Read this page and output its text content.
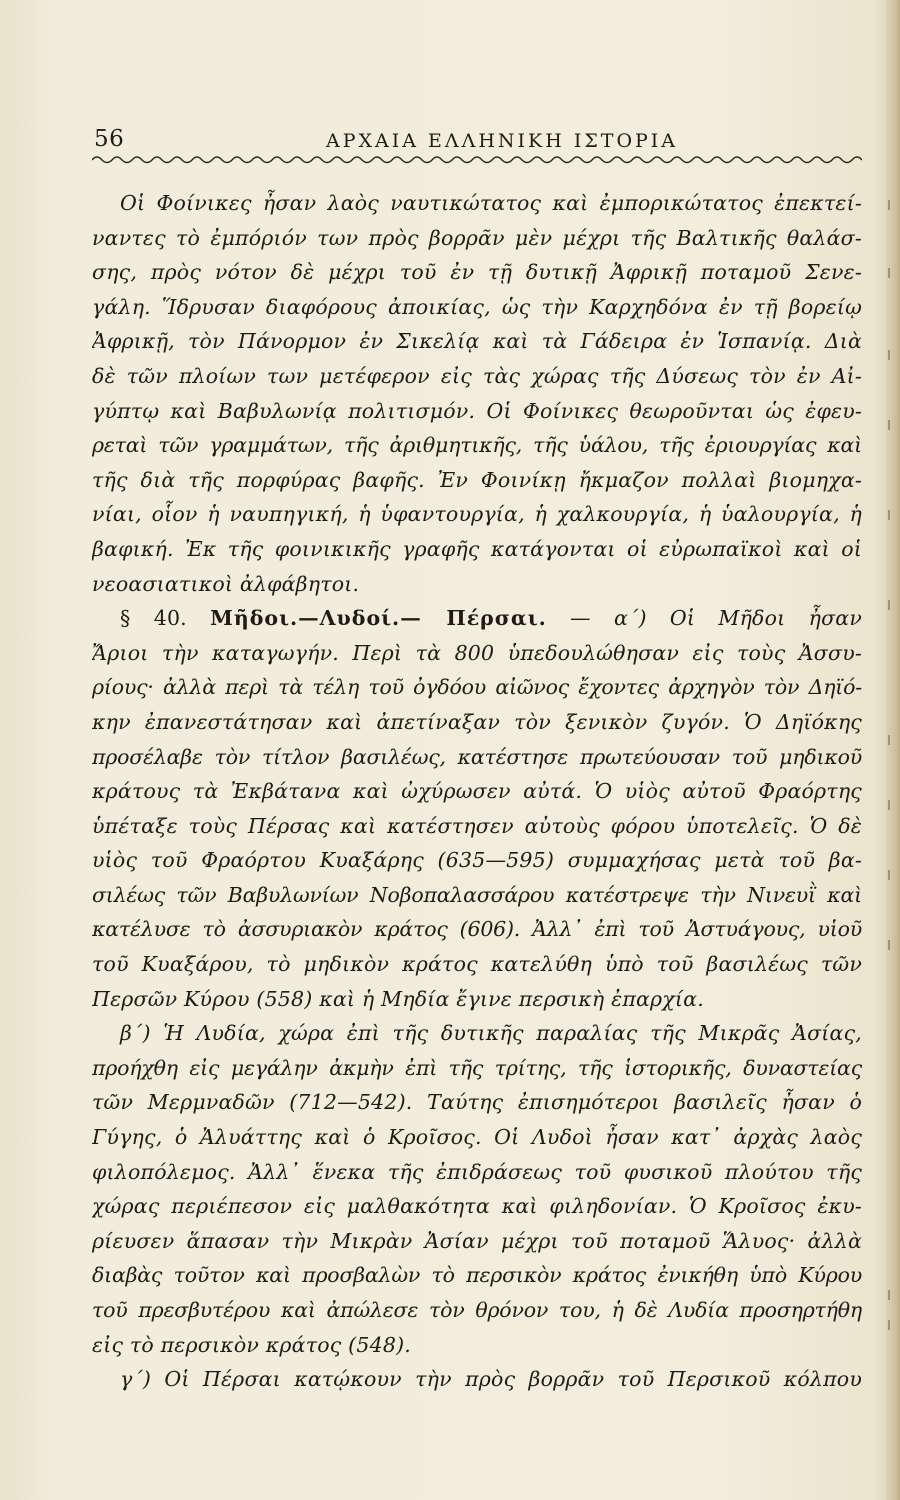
56	ΑΡΧΑΙΑ ΕΛΛΗΝΙΚΗ ΙΣΤΟΡΙΑ
Οἱ Φοίνικες ἦσαν λαὸς ναυτικώτατος καὶ ἐμπορικώτατος ἐπεκτεί-
ναντες τὸ ἐμπόριόν των πρὸς βορρᾶν μὲν μέχρι τῆς Βαλτικῆς θαλάσ-
σης, πρὸς νότον δὲ μέχρι τοῦ ἐν τῇ δυτικῇ Ἀφρικῇ ποταμοῦ Σενε-
γάλη. Ἵδρυσαν διαφόρους ἀποικίας, ὡς τὴν Καρχηδόνα ἐν τῇ βορείῳ
Ἀφρικῇ, τὸν Πάνορμον ἐν Σικελίᾳ καὶ τὰ Γάδειρα ἐν Ἱσπανίᾳ. Διὰ
δὲ τῶν πλοίων των μετέφερον εἰς τὰς χώρας τῆς Δύσεως τὸν ἐν Αἰ-
γύπτῳ καὶ Βαβυλωνίᾳ πολιτισμόν. Οἱ Φοίνικες θεωροῦνται ὡς ἐφευ-
ρεταὶ τῶν γραμμάτων, τῆς ἀριθμητικῆς, τῆς ὑάλου, τῆς ἐριουργίας καὶ
τῆς διὰ τῆς πορφύρας βαφῆς. Ἐν Φοινίκῃ ἤκμαζον πολλαὶ βιομηχα-
νίαι, οἷον ἡ ναυπηγική, ἡ ὑφαντουργία, ἡ χαλκουργία, ἡ ὑαλουργία, ἡ
βαφική. Ἐκ τῆς φοινικικῆς γραφῆς κατάγονται οἱ εὐρωπαϊκοὶ καὶ οἱ
νεοασιατικοὶ ἀλφάβητοι.
§ 40. Μῆδοι.—Λυδοί.— Πέρσαι. — α΄) Οἱ Μῆδοι ἦσαν
Ἄριοι τὴν καταγωγήν. Περὶ τὰ 800 ὑπεδουλώθησαν εἰς τοὺς Ἀσσυ-
ρίους· ἀλλὰ περὶ τὰ τέλη τοῦ ὀγδόου αἰῶνος ἔχοντες ἀρχηγὸν τὸν Δηϊό-
κην ἐπανεστάτησαν καὶ ἀπετίναξαν τὸν ξενικὸν ζυγόν. Ὁ Δηϊόκης
προσέλαβε τὸν τίτλον βασιλέως, κατέστησε πρωτεύουσαν τοῦ μηδικοῦ
κράτους τὰ Ἐκβάτανα καὶ ὠχύρωσεν αὐτά. Ὁ υἱὸς αὐτοῦ Φραόρτης
ὑπέταξε τοὺς Πέρσας καὶ κατέστησεν αὐτοὺς φόρου ὑποτελεῖς. Ὁ δὲ
υἱὸς τοῦ Φραόρτου Κυαξάρης (635—595) συμμαχήσας μετὰ τοῦ βα-
σιλέως τῶν Βαβυλωνίων Νοβοπαλασσάρου κατέστρεψε τὴν Νινευῒ καὶ
κατέλυσε τὸ ἀσσυριακὸν κράτος (606). Ἀλλ᾿ ἐπὶ τοῦ Ἀστυάγους, υἱοῦ
τοῦ Κυαξάρου, τὸ μηδικὸν κράτος κατελύθη ὑπὸ τοῦ βασιλέως τῶν
Περσῶν Κύρου (558) καὶ ἡ Μηδία ἔγινε περσικὴ ἐπαρχία.
β΄) Ἡ Λυδία, χώρα ἐπὶ τῆς δυτικῆς παραλίας τῆς Μικρᾶς Ἀσίας,
προήχθη εἰς μεγάλην ἀκμὴν ἐπὶ τῆς τρίτης, τῆς ἱστορικῆς, δυναστείας
τῶν Μερμναδῶν (712—542). Ταύτης ἐπισημότεροι βασιλεῖς ἦσαν ὁ
Γύγης, ὁ Ἀλυάττης καὶ ὁ Κροῖσος. Οἱ Λυδοὶ ἦσαν κατ᾿ ἀρχὰς λαὸς
φιλοπόλεμος. Ἀλλ᾿ ἕνεκα τῆς ἐπιδράσεως τοῦ φυσικοῦ πλούτου τῆς
χώρας περιέπεσον εἰς μαλθακότητα καὶ φιληδονίαν. Ὁ Κροῖσος ἐκυ-
ρίευσεν ἅπασαν τὴν Μικρὰν Ἀσίαν μέχρι τοῦ ποταμοῦ Ἅλυος· ἀλλὰ
διαβὰς τοῦτον καὶ προσβαλὼν τὸ περσικὸν κράτος ἐνικήθη ὑπὸ Κύρου
τοῦ πρεσβυτέρου καὶ ἀπώλεσε τὸν θρόνον του, ἡ δὲ Λυδία προσηρτήθη
εἰς τὸ περσικὸν κράτος (548).
γ΄) Οἱ Πέρσαι κατῴκουν τὴν πρὸς βορρᾶν τοῦ Περσικοῦ κόλπου
